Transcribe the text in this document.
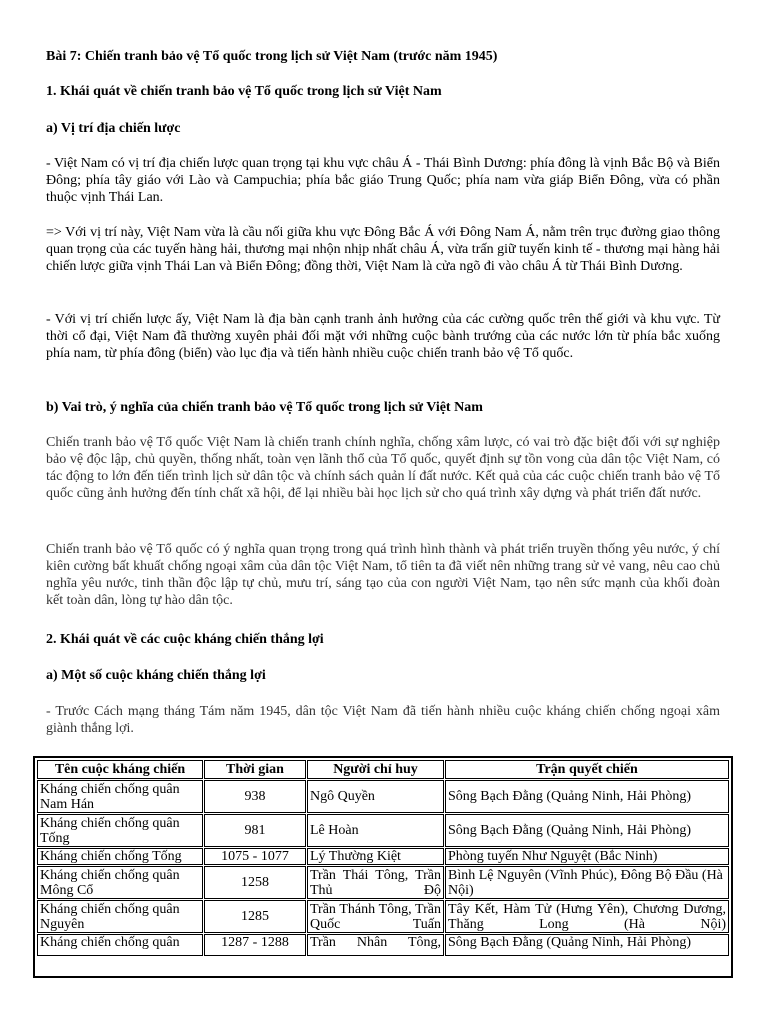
Bài 7: Chiến tranh bảo vệ Tổ quốc trong lịch sử Việt Nam (trước năm 1945)
1. Khái quát về chiến tranh bảo vệ Tổ quốc trong lịch sử Việt Nam
a) Vị trí địa chiến lược

- Việt Nam có vị trí địa chiến lược quan trọng tại khu vực châu Á - Thái Bình Dương: phía đông là vịnh Bắc Bộ và Biển Đông; phía tây giáo với Lào và Campuchia; phía bắc giáo Trung Quốc; phía nam vừa giáp Biển Đông, vừa có phần thuộc vịnh Thái Lan.

=> Với vị trí này, Việt Nam vừa là cầu nối giữa khu vực Đông Bắc Á với Đông Nam Á, nằm trên trục đường giao thông quan trọng của các tuyến hàng hải, thương mại nhộn nhịp nhất châu Á, vừa trấn giữ tuyến kinh tế - thương mại hàng hải chiến lược giữa vịnh Thái Lan và Biển Đông; đồng thời, Việt Nam là cửa ngõ đi vào châu Á từ Thái Bình Dương.

- Với vị trí chiến lược ấy, Việt Nam là địa bàn cạnh tranh ảnh hưởng của các cường quốc trên thế giới và khu vực. Từ thời cổ đại, Việt Nam đã thường xuyên phải đối mặt với những cuộc bành trướng của các nước lớn từ phía bắc xuống phía nam, từ phía đông (biển) vào lục địa và tiến hành nhiều cuộc chiến tranh bảo vệ Tổ quốc.

b) Vai trò, ý nghĩa của chiến tranh bảo vệ Tổ quốc trong lịch sử Việt Nam

Chiến tranh bảo vệ Tổ quốc Việt Nam là chiến tranh chính nghĩa, chống xâm lược, có vai trò đặc biệt đối với sự nghiệp bảo vệ độc lập, chủ quyền, thống nhất, toàn vẹn lãnh thổ của Tổ quốc, quyết định sự tồn vong của dân tộc Việt Nam, có tác động to lớn đến tiến trình lịch sử dân tộc và chính sách quản lí đất nước. Kết quả của các cuộc chiến tranh bảo vệ Tổ quốc cũng ảnh hưởng đến tính chất xã hội, để lại nhiều bài học lịch sử cho quá trình xây dựng và phát triển đất nước.

Chiến tranh bảo vệ Tổ quốc có ý nghĩa quan trọng trong quá trình hình thành và phát triển truyền thống yêu nước, ý chí kiên cường bất khuất chống ngoại xâm của dân tộc Việt Nam, tổ tiên ta đã viết nên những trang sử vẻ vang, nêu cao chủ nghĩa yêu nước, tinh thần độc lập tự chủ, mưu trí, sáng tạo của con người Việt Nam, tạo nên sức mạnh của khối đoàn kết toàn dân, lòng tự hào dân tộc.

2. Khái quát về các cuộc kháng chiến thắng lợi
a) Một số cuộc kháng chiến thắng lợi

- Trước Cách mạng tháng Tám năm 1945, dân tộc Việt Nam đã tiến hành nhiều cuộc kháng chiến chống ngoại xâm giành thắng lợi.

Tên cuộc kháng chiến	Thời gian	Người chỉ huy	Trận quyết chiến
Kháng chiến chống quân Nam Hán	938	Ngô Quyền	Sông Bạch Đằng (Quảng Ninh, Hải Phòng)
Kháng chiến chống quân Tống	981	Lê Hoàn	Sông Bạch Đằng (Quảng Ninh, Hải Phòng)
Kháng chiến chống Tống	1075 - 1077	Lý Thường Kiệt	Phòng tuyến Như Nguyệt (Bắc Ninh)
Kháng chiến chống quân Mông Cổ	1258	Trần Thái Tông, Trần Thủ Độ	Bình Lệ Nguyên (Vĩnh Phúc), Đông Bộ Đầu (Hà Nội)
Kháng chiến chống quân Nguyên	1285	Trần Thánh Tông, Trần Quốc Tuấn	Tây Kết, Hàm Tử (Hưng Yên), Chương Dương, Thăng Long (Hà Nội)
Kháng chiến chống quân	1287 - 1288	Trần Nhân Tông,	Sông Bạch Đằng (Quảng Ninh, Hải Phòng)
